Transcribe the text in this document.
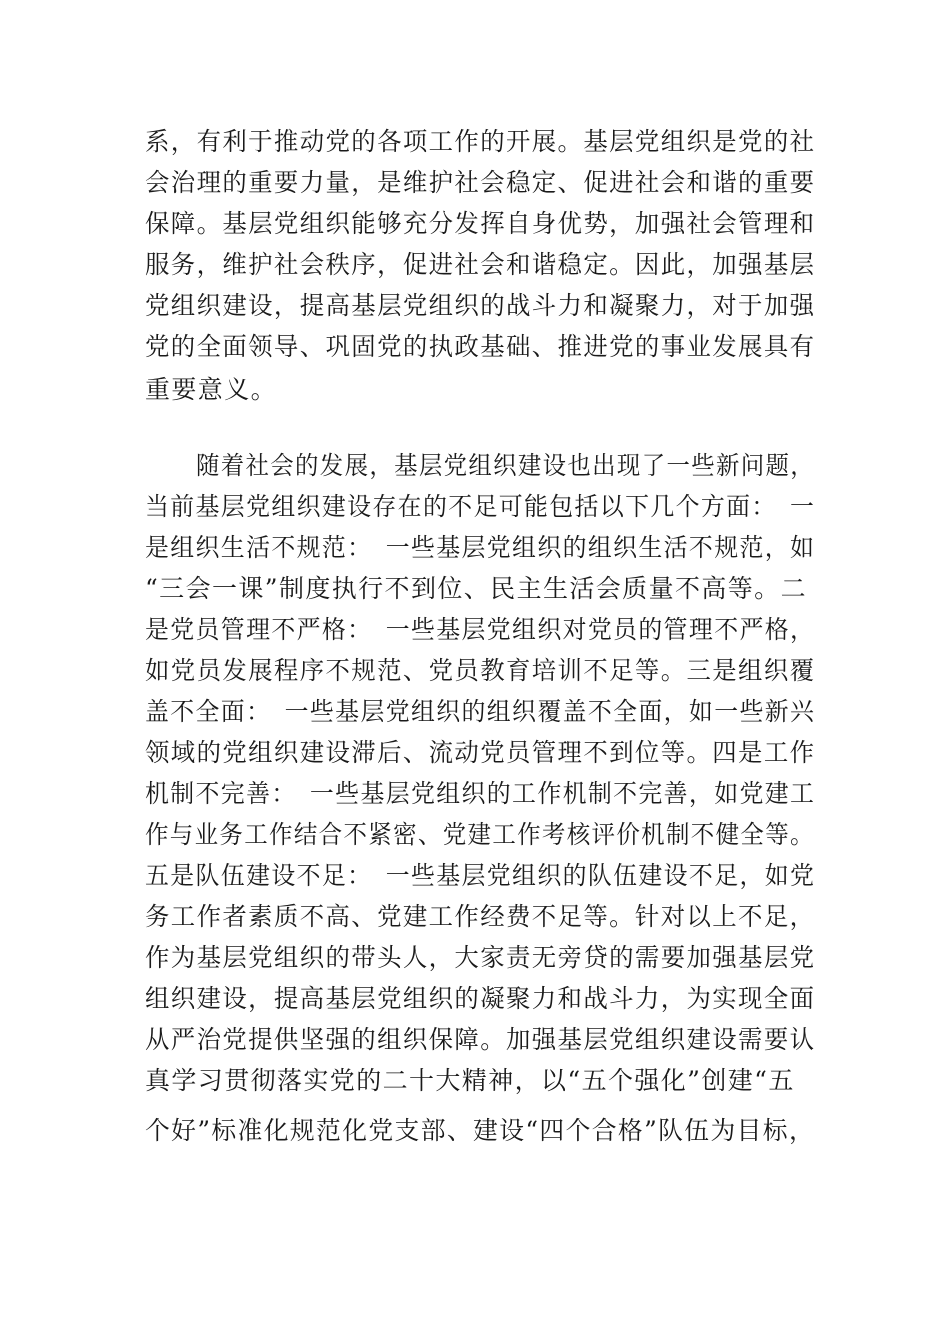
系，有利于推动党的各项工作的开展。基层党组织是党的社
会治理的重要力量，是维护社会稳定、促进社会和谐的重要
保障。基层党组织能够充分发挥自身优势，加强社会管理和
服务，维护社会秩序，促进社会和谐稳定。因此，加强基层
党组织建设，提高基层党组织的战斗力和凝聚力，对于加强
党的全面领导、巩固党的执政基础、推进党的事业发展具有
重要意义。
随着社会的发展，基层党组织建设也出现了一些新问题，
当前基层党组织建设存在的不足可能包括以下几个方面：　一
是组织生活不规范：　一些基层党组织的组织生活不规范，如
“三会一课”制度执行不到位、民主生活会质量不高等。二
是党员管理不严格：　一些基层党组织对党员的管理不严格，
如党员发展程序不规范、党员教育培训不足等。三是组织覆
盖不全面：　一些基层党组织的组织覆盖不全面，如一些新兴
领域的党组织建设滞后、流动党员管理不到位等。四是工作
机制不完善：　一些基层党组织的工作机制不完善，如党建工
作与业务工作结合不紧密、党建工作考核评价机制不健全等。
五是队伍建设不足：　一些基层党组织的队伍建设不足，如党
务工作者素质不高、党建工作经费不足等。针对以上不足，
作为基层党组织的带头人，大家责无旁贷的需要加强基层党
组织建设，提高基层党组织的凝聚力和战斗力，为实现全面
从严治党提供坚强的组织保障。加强基层党组织建设需要认
真学习贯彻落实党的二十大精神，以“五个强化”创建“五
个好”标准化规范化党支部、建设“四个合格”队伍为目标，
